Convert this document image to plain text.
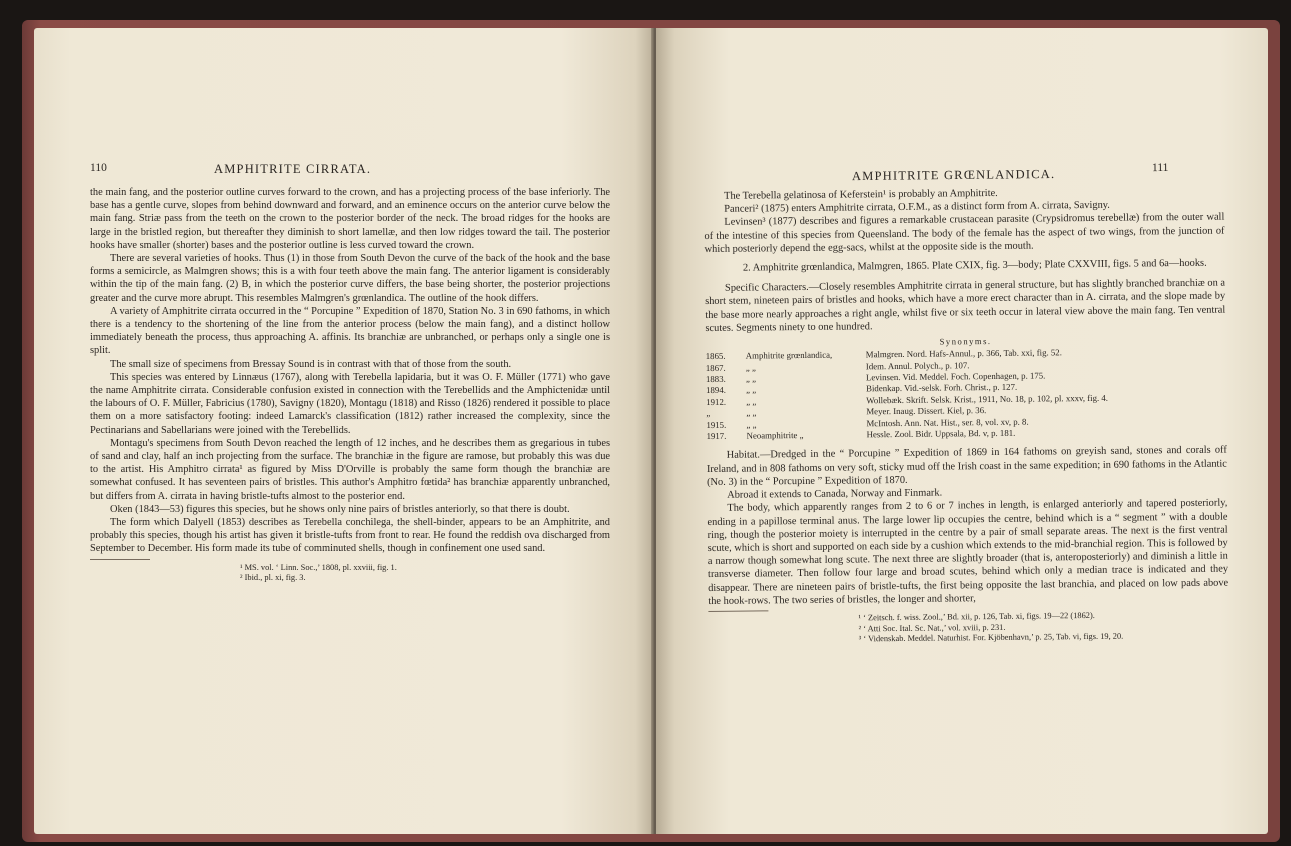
110	AMPHITRITE CIRRATA.

the main fang, and the posterior outline curves forward to the crown, and has a projecting process of the base inferiorly. The base has a gentle curve, slopes from behind downward and forward, and an eminence occurs on the anterior curve below the main fang. Striæ pass from the teeth on the crown to the posterior border of the neck. The broad ridges for the hooks are large in the bristled region, but thereafter they diminish to short lamellæ, and then low ridges toward the tail. The posterior hooks have smaller (shorter) bases and the posterior outline is less curved toward the crown.

There are several varieties of hooks. Thus (1) in those from South Devon the curve of the back of the hook and the base forms a semicircle, as Malmgren shows; this is a with four teeth above the main fang. The anterior ligament is considerably within the tip of the main fang. (2) B, in which the posterior curve differs, the base being shorter, the posterior projections greater and the curve more abrupt. This resembles Malmgren's grœnlandica. The outline of the hook differs.

A variety of Amphitrite cirrata occurred in the “ Porcupine ” Expedition of 1870, Station No. 3 in 690 fathoms, in which there is a tendency to the shortening of the line from the anterior process (below the main fang), and a distinct hollow immediately beneath the process, thus approaching A. affinis. Its branchiæ are unbranched, or perhaps only a single one is split.

The small size of specimens from Bressay Sound is in contrast with that of those from the south.

This species was entered by Linnæus (1767), along with Terebella lapidaria, but it was O. F. Müller (1771) who gave the name Amphitrite cirrata. Considerable confusion existed in connection with the Terebellids and the Amphictenidæ until the labours of O. F. Müller, Fabricius (1780), Savigny (1820), Montagu (1818) and Risso (1826) rendered it possible to place them on a more satisfactory footing: indeed Lamarck's classification (1812) rather increased the complexity, since the Pectinarians and Sabellarians were joined with the Terebellids.

Montagu's specimens from South Devon reached the length of 12 inches, and he describes them as gregarious in tubes of sand and clay, half an inch projecting from the surface. The branchiæ in the figure are ramose, but probably this was due to the artist. His Amphitro cirrata¹ as figured by Miss D'Orville is probably the same form though the branchiæ are somewhat confused. It has seventeen pairs of bristles. This author's Amphitro fœtida² has branchiæ apparently unbranched, but differs from A. cirrata in having bristle-tufts almost to the posterior end.

Oken (1843—53) figures this species, but he shows only nine pairs of bristles anteriorly, so that there is doubt.

The form which Dalyell (1853) describes as Terebella conchilega, the shell-binder, appears to be an Amphitrite, and probably this species, though his artist has given it bristle-tufts from front to rear. He found the reddish ova discharged from September to December. His form made its tube of comminuted shells, though in confinement one used sand.

¹ MS. vol. ‘ Linn. Soc.,’ 1808, pl. xxviii, fig. 1.

² Ibid., pl. xi, fig. 3.

AMPHITRITE GRŒNLANDICA.	111

The Terebella gelatinosa of Keferstein¹ is probably an Amphitrite.

Panceri² (1875) enters Amphitrite cirrata, O.F.M., as a distinct form from A. cirrata, Savigny.

Levinsen³ (1877) describes and figures a remarkable crustacean parasite (Crypsidromus terebellæ) from the outer wall of the intestine of this species from Queensland. The body of the female has the aspect of two wings, from the junction of which posteriorly depend the egg-sacs, whilst at the opposite side is the mouth.

2. Amphitrite grœnlandica, Malmgren, 1865. Plate CXIX, fig. 3—body; Plate CXXVIII, figs. 5 and 6a—hooks.

Specific Characters.—Closely resembles Amphitrite cirrata in general structure, but has slightly branched branchiæ on a short stem, nineteen pairs of bristles and hooks, which have a more erect character than in A. cirrata, and the slope made by the base more nearly approaches a right angle, whilst five or six teeth occur in lateral view above the main fang. Ten ventral scutes. Segments ninety to one hundred.

Synonyms.

1865.	Amphitrite grœnlandica,	Malmgren. Nord. Hafs-Annul., p. 366, Tab. xxi, fig. 52.
1867.	„ „	Idem. Annul. Polych., p. 107.
1883.	„ „	Levinsen. Vid. Meddel. Foch. Copenhagen, p. 175.
1894.	„ „	Bidenkap. Vid.-selsk. Forh. Christ., p. 127.
1912.	„ „	Wollebæk. Skrift. Selsk. Krist., 1911, No. 18, p. 102, pl. xxxv, fig. 4.
„	„ „	Meyer. Inaug. Dissert. Kiel, p. 36.
1915.	„ „	McIntosh. Ann. Nat. Hist., ser. 8, vol. xv, p. 8.
1917.	Neoamphitrite „	Hessle. Zool. Bidr. Uppsala, Bd. v, p. 181.

Habitat.—Dredged in the “ Porcupine ” Expedition of 1869 in 164 fathoms on greyish sand, stones and corals off Ireland, and in 808 fathoms on very soft, sticky mud off the Irish coast in the same expedition; in 690 fathoms in the Atlantic (No. 3) in the “ Porcupine ” Expedition of 1870.

Abroad it extends to Canada, Norway and Finmark.

The body, which apparently ranges from 2 to 6 or 7 inches in length, is enlarged anteriorly and tapered posteriorly, ending in a papillose terminal anus. The large lower lip occupies the centre, behind which is a “ segment ” with a double ring, though the posterior moiety is interrupted in the centre by a pair of small separate areas. The next is the first ventral scute, which is short and supported on each side by a cushion which extends to the mid-branchial region. This is followed by a narrow though somewhat long scute. The next three are slightly broader (that is, anteroposteriorly) and diminish a little in transverse diameter. Then follow four large and broad scutes, behind which only a median trace is indicated and they disappear. There are nineteen pairs of bristle-tufts, the first being opposite the last branchia, and placed on low pads above the hook-rows. The two series of bristles, the longer and shorter,

¹ ‘ Zeitsch. f. wiss. Zool.,’ Bd. xii, p. 126, Tab. xi, figs. 19—22 (1862).

² ‘ Atti Soc. Ital. Sc. Nat.,’ vol. xviii, p. 231.

³ ‘ Videnskab. Meddel. Naturhist. For. Kjöbenhavn,’ p. 25, Tab. vi, figs. 19, 20.
